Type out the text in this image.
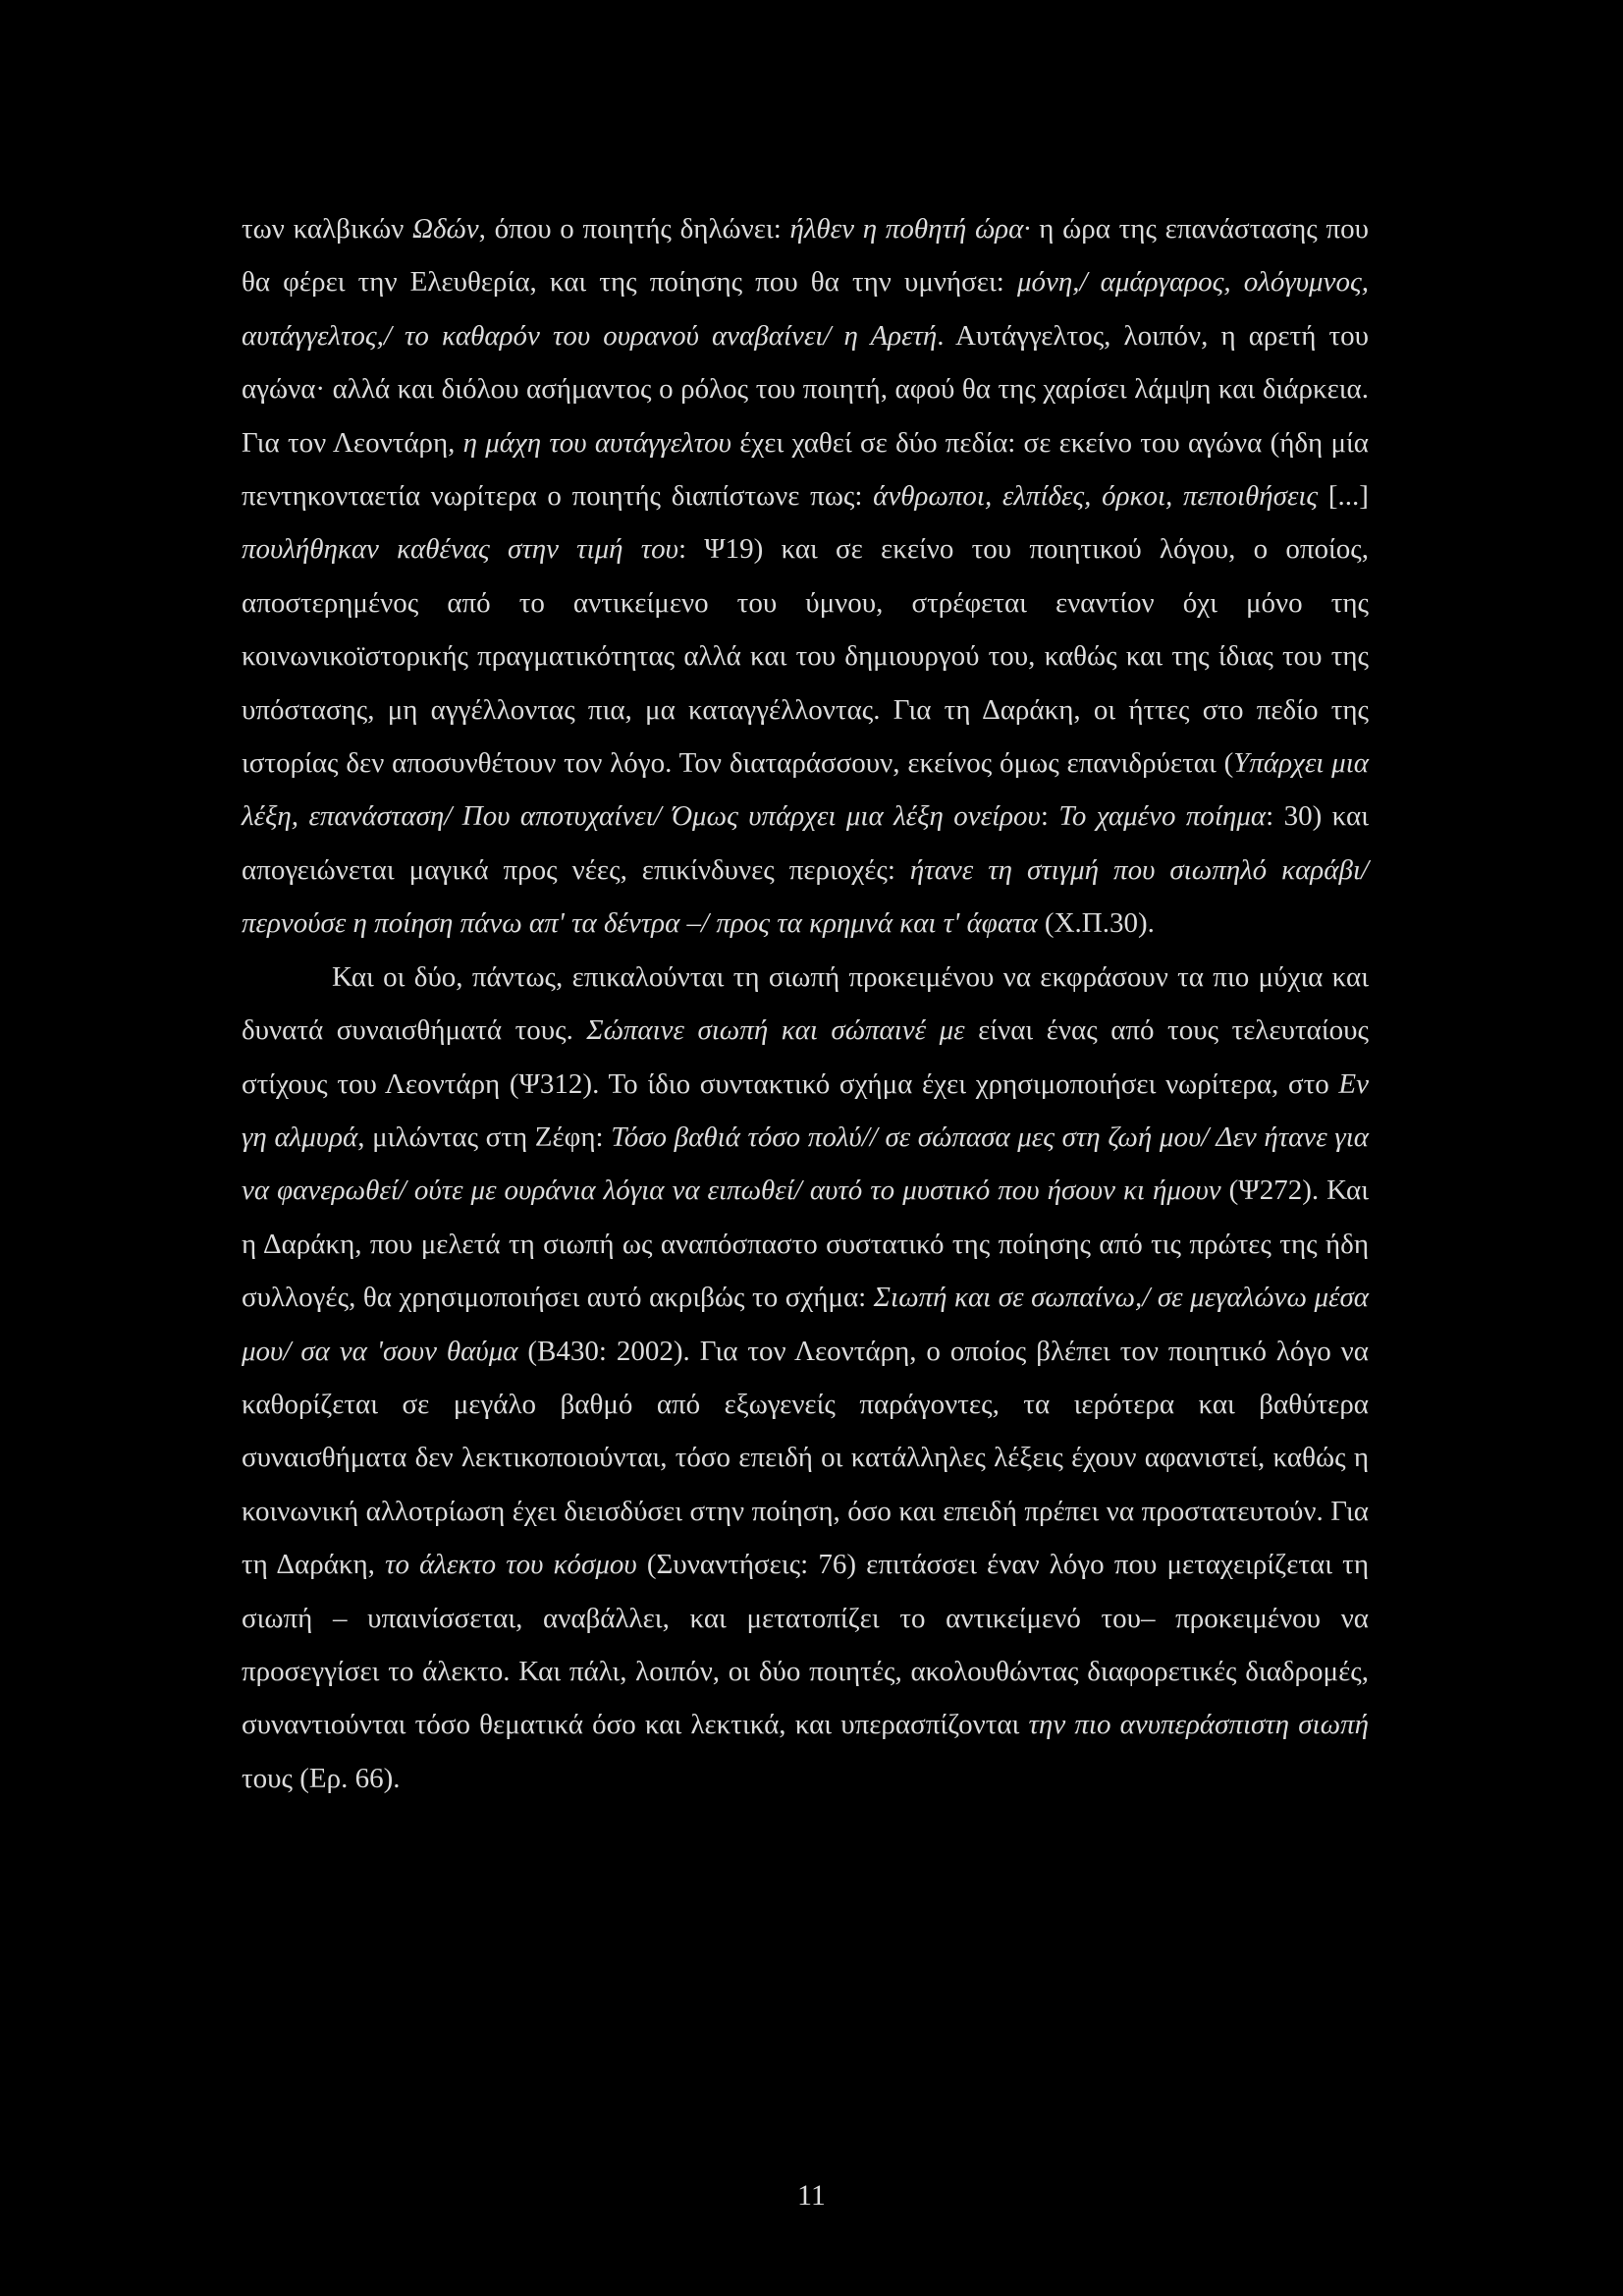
των καλβικών Ωδών, όπου ο ποιητής δηλώνει: ήλθεν η ποθητή ώρα· η ώρα της επανάστασης που θα φέρει την Ελευθερία, και της ποίησης που θα την υμνήσει: μόνη,/ αμάργαρος, ολόγυμνος, αυτάγγελτος,/ το καθαρόν του ουρανού αναβαίνει/ η Αρετή. Αυτάγγελτος, λοιπόν, η αρετή του αγώνα· αλλά και διόλου ασήμαντος ο ρόλος του ποιητή, αφού θα της χαρίσει λάμψη και διάρκεια. Για τον Λεοντάρη, η μάχη του αυτάγγελτου έχει χαθεί σε δύο πεδία: σε εκείνο του αγώνα (ήδη μία πεντηκονταετία νωρίτερα ο ποιητής διαπίστωνε πως: άνθρωποι, ελπίδες, όρκοι, πεποιθήσεις [...] πουλήθηκαν καθένας στην τιμή του: Ψ19) και σε εκείνο του ποιητικού λόγου, ο οποίος, αποστερημένος από το αντικείμενο του ύμνου, στρέφεται εναντίον όχι μόνο της κοινωνικοϊστορικής πραγματικότητας αλλά και του δημιουργού του, καθώς και της ίδιας του της υπόστασης, μη αγγέλλοντας πια, μα καταγγέλλοντας. Για τη Δαράκη, οι ήττες στο πεδίο της ιστορίας δεν αποσυνθέτουν τον λόγο. Τον διαταράσσουν, εκείνος όμως επανιδρύεται (Υπάρχει μια λέξη, επανάσταση/ Που αποτυχαίνει/ Όμως υπάρχει μια λέξη ονείρου: Το χαμένο ποίημα: 30) και απογειώνεται μαγικά προς νέες, επικίνδυνες περιοχές: ήτανε τη στιγμή που σιωπηλό καράβι/ περνούσε η ποίηση πάνω απ' τα δέντρα –/ προς τα κρημνά και τ' άφατα (Χ.Π.30).

Και οι δύο, πάντως, επικαλούνται τη σιωπή προκειμένου να εκφράσουν τα πιο μύχια και δυνατά συναισθήματά τους. Σώπαινε σιωπή και σώπαινέ με είναι ένας από τους τελευταίους στίχους του Λεοντάρη (Ψ312). Το ίδιο συντακτικό σχήμα έχει χρησιμοποιήσει νωρίτερα, στο Εν γη αλμυρά, μιλώντας στη Ζέφη: Τόσο βαθιά τόσο πολύ// σε σώπασα μες στη ζωή μου/ Δεν ήτανε για να φανερωθεί/ ούτε με ουράνια λόγια να ειπωθεί/ αυτό το μυστικό που ήσουν κι ήμουν (Ψ272). Και η Δαράκη, που μελετά τη σιωπή ως αναπόσπαστο συστατικό της ποίησης από τις πρώτες της ήδη συλλογές, θα χρησιμοποιήσει αυτό ακριβώς το σχήμα: Σιωπή και σε σωπαίνω,/ σε μεγαλώνω μέσα μου/ σα να 'σουν θαύμα (Β430: 2002). Για τον Λεοντάρη, ο οποίος βλέπει τον ποιητικό λόγο να καθορίζεται σε μεγάλο βαθμό από εξωγενείς παράγοντες, τα ιερότερα και βαθύτερα συναισθήματα δεν λεκτικοποιούνται, τόσο επειδή οι κατάλληλες λέξεις έχουν αφανιστεί, καθώς η κοινωνική αλλοτρίωση έχει διεισδύσει στην ποίηση, όσο και επειδή πρέπει να προστατευτούν. Για τη Δαράκη, το άλεκτο του κόσμου (Συναντήσεις: 76) επιτάσσει έναν λόγο που μεταχειρίζεται τη σιωπή – υπαινίσσεται, αναβάλλει, και μετατοπίζει το αντικείμενό του– προκειμένου να προσεγγίσει το άλεκτο. Και πάλι, λοιπόν, οι δύο ποιητές, ακολουθώντας διαφορετικές διαδρομές, συναντιούνται τόσο θεματικά όσο και λεκτικά, και υπερασπίζονται την πιο ανυπεράσπιστη σιωπή τους (Ερ. 66).

11
